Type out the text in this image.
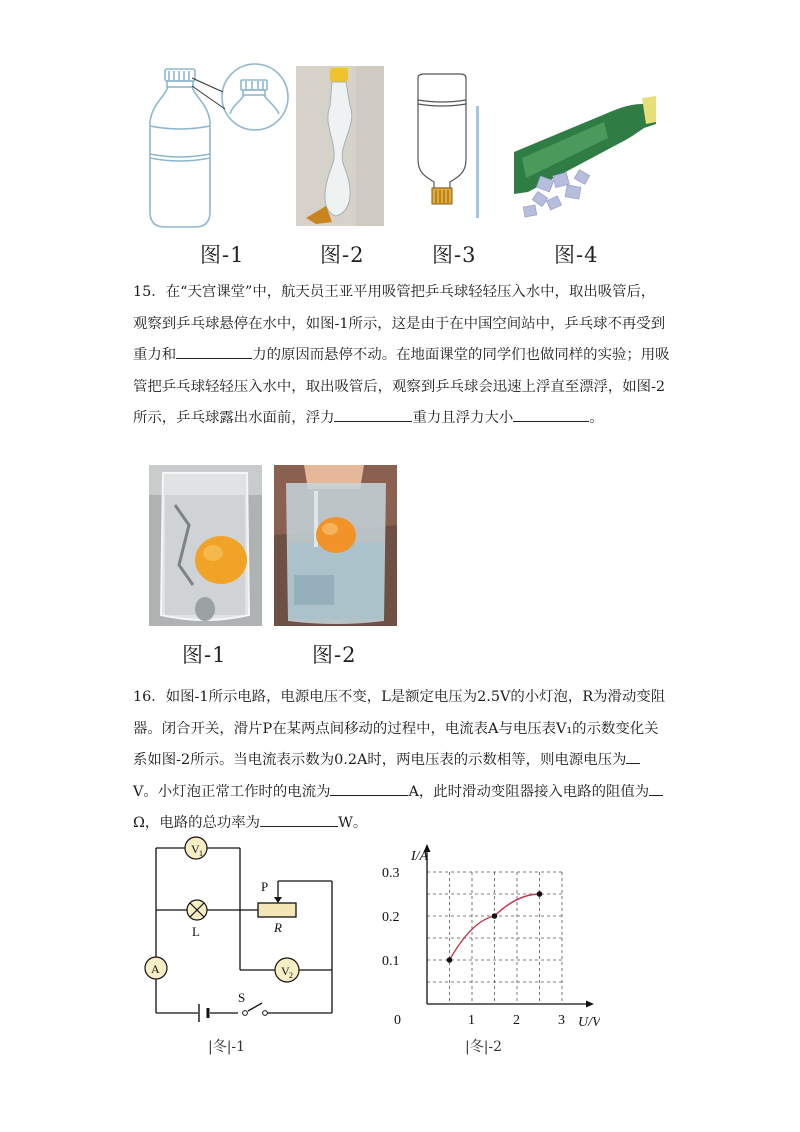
图-1	图-2	图-3	图-4
15．在“天宫课堂”中，航天员王亚平用吸管把乒乓球轻轻压入水中，取出吸管后，
观察到乒乓球悬停在水中，如图-1所示，这是由于在中国空间站中，乒乓球不再受到
重力和	力的原因而悬停不动。在地面课堂的同学们也做同样的实验；用吸
管把乒乓球轻轻压入水中，取出吸管后，观察到乒乓球会迅速上浮直至漂浮，如图-2
所示，乒乓球露出水面前，浮力	重力且浮力大小	。
图-1	图-2
16．如图-1所示电路，电源电压不变，L是额定电压为2.5V的小灯泡，R为滑动变阻
器。闭合开关，滑片P在某两点间移动的过程中，电流表A与电压表V₁的示数变化关
系如图-2所示。当电流表示数为0.2A时，两电压表的示数相等，则电源电压为
V。小灯泡正常工作时的电流为	A，此时滑动变阻器接入电路的阻值为
Ω，电路的总功率为	W。
V 1
V 2
A
L
P
R
S
|冬|-1
1	2	3
0.1
0.2
0.3
0
I/A
U/V
|冬|-2
